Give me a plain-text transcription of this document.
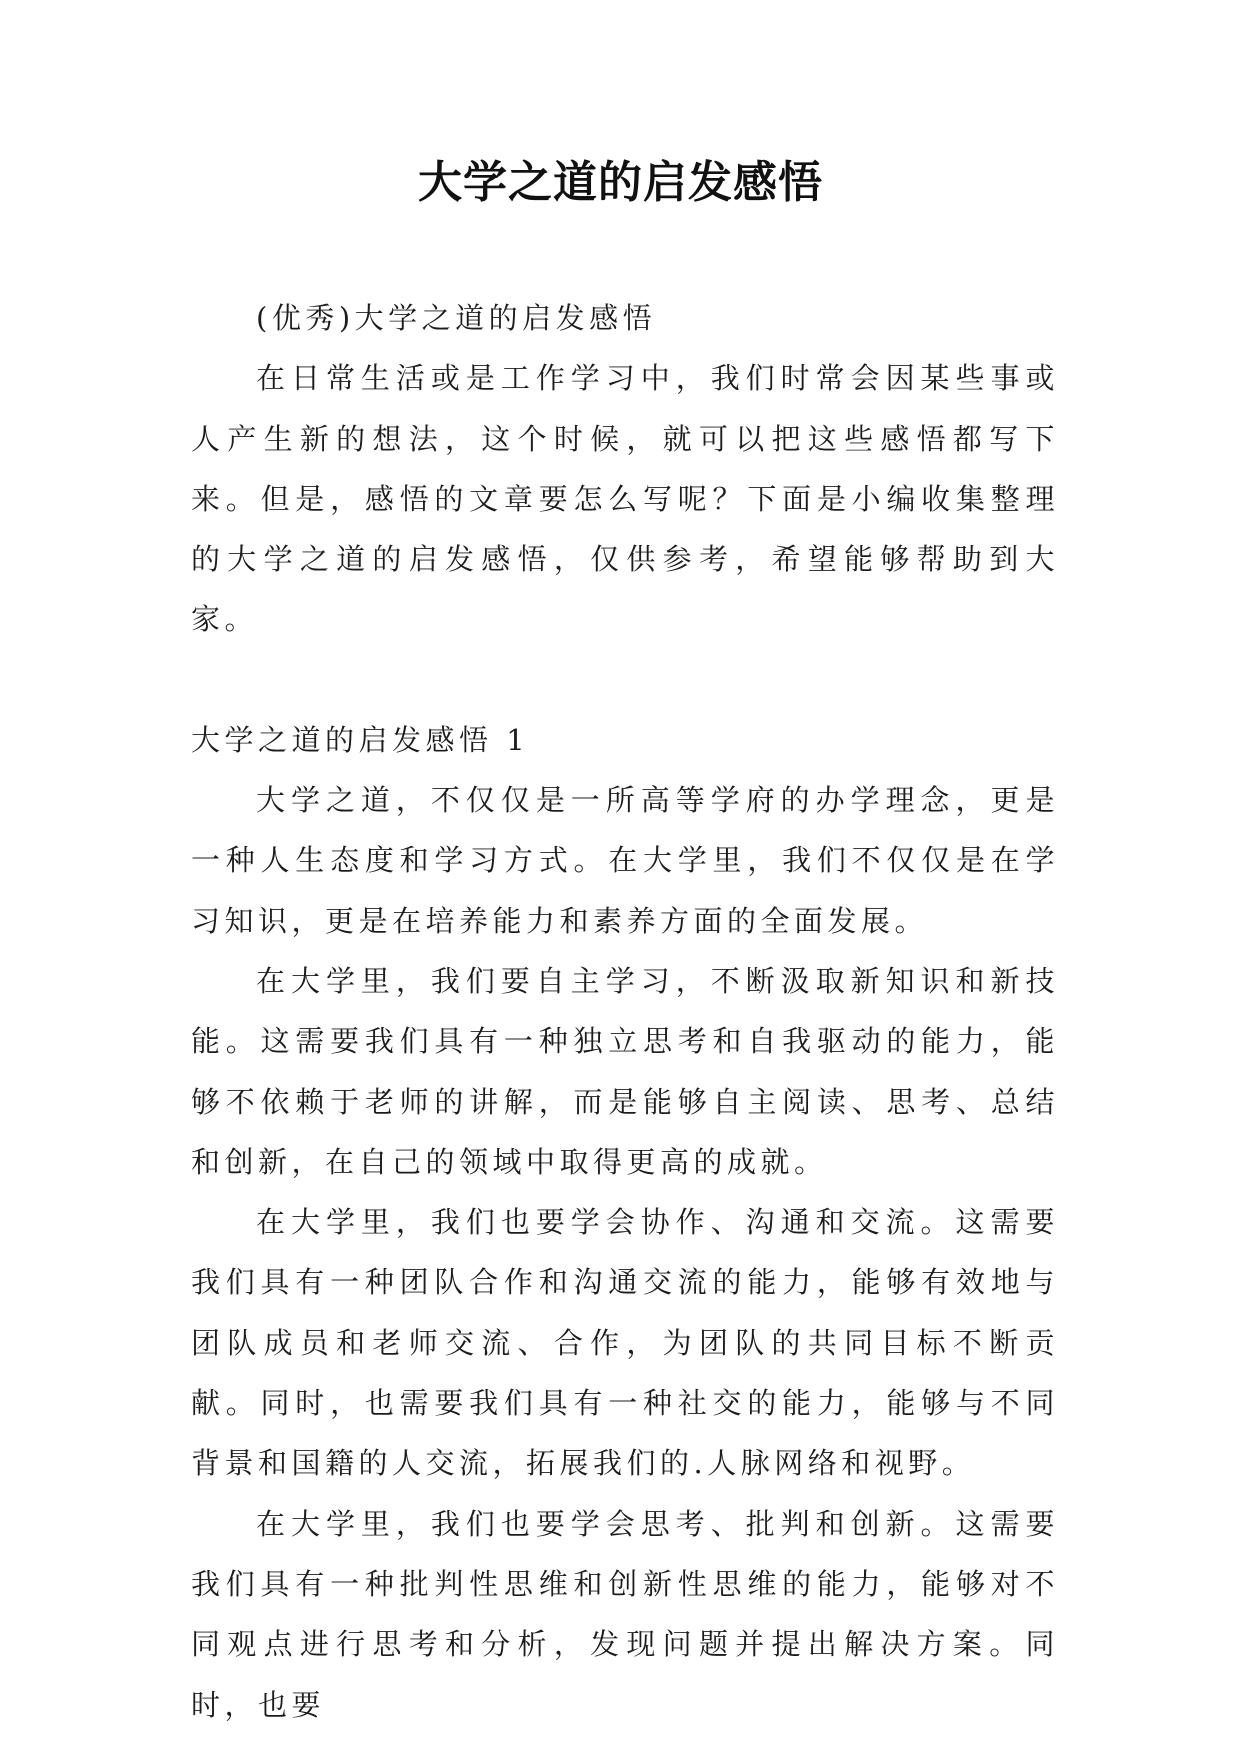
大学之道的启发感悟

(优秀)大学之道的启发感悟

在日常生活或是工作学习中，我们时常会因某些事或人产生新的想法，这个时候，就可以把这些感悟都写下来。但是，感悟的文章要怎么写呢？下面是小编收集整理的大学之道的启发感悟，仅供参考，希望能够帮助到大家。

大学之道的启发感悟 1

大学之道，不仅仅是一所高等学府的办学理念，更是一种人生态度和学习方式。在大学里，我们不仅仅是在学习知识，更是在培养能力和素养方面的全面发展。

在大学里，我们要自主学习，不断汲取新知识和新技能。这需要我们具有一种独立思考和自我驱动的能力，能够不依赖于老师的讲解，而是能够自主阅读、思考、总结和创新，在自己的领域中取得更高的成就。

在大学里，我们也要学会协作、沟通和交流。这需要我们具有一种团队合作和沟通交流的能力，能够有效地与团队成员和老师交流、合作，为团队的共同目标不断贡献。同时，也需要我们具有一种社交的能力，能够与不同背景和国籍的人交流，拓展我们的.人脉网络和视野。

在大学里，我们也要学会思考、批判和创新。这需要我们具有一种批判性思维和创新性思维的能力，能够对不同观点进行思考和分析，发现问题并提出解决方案。同时，也要
